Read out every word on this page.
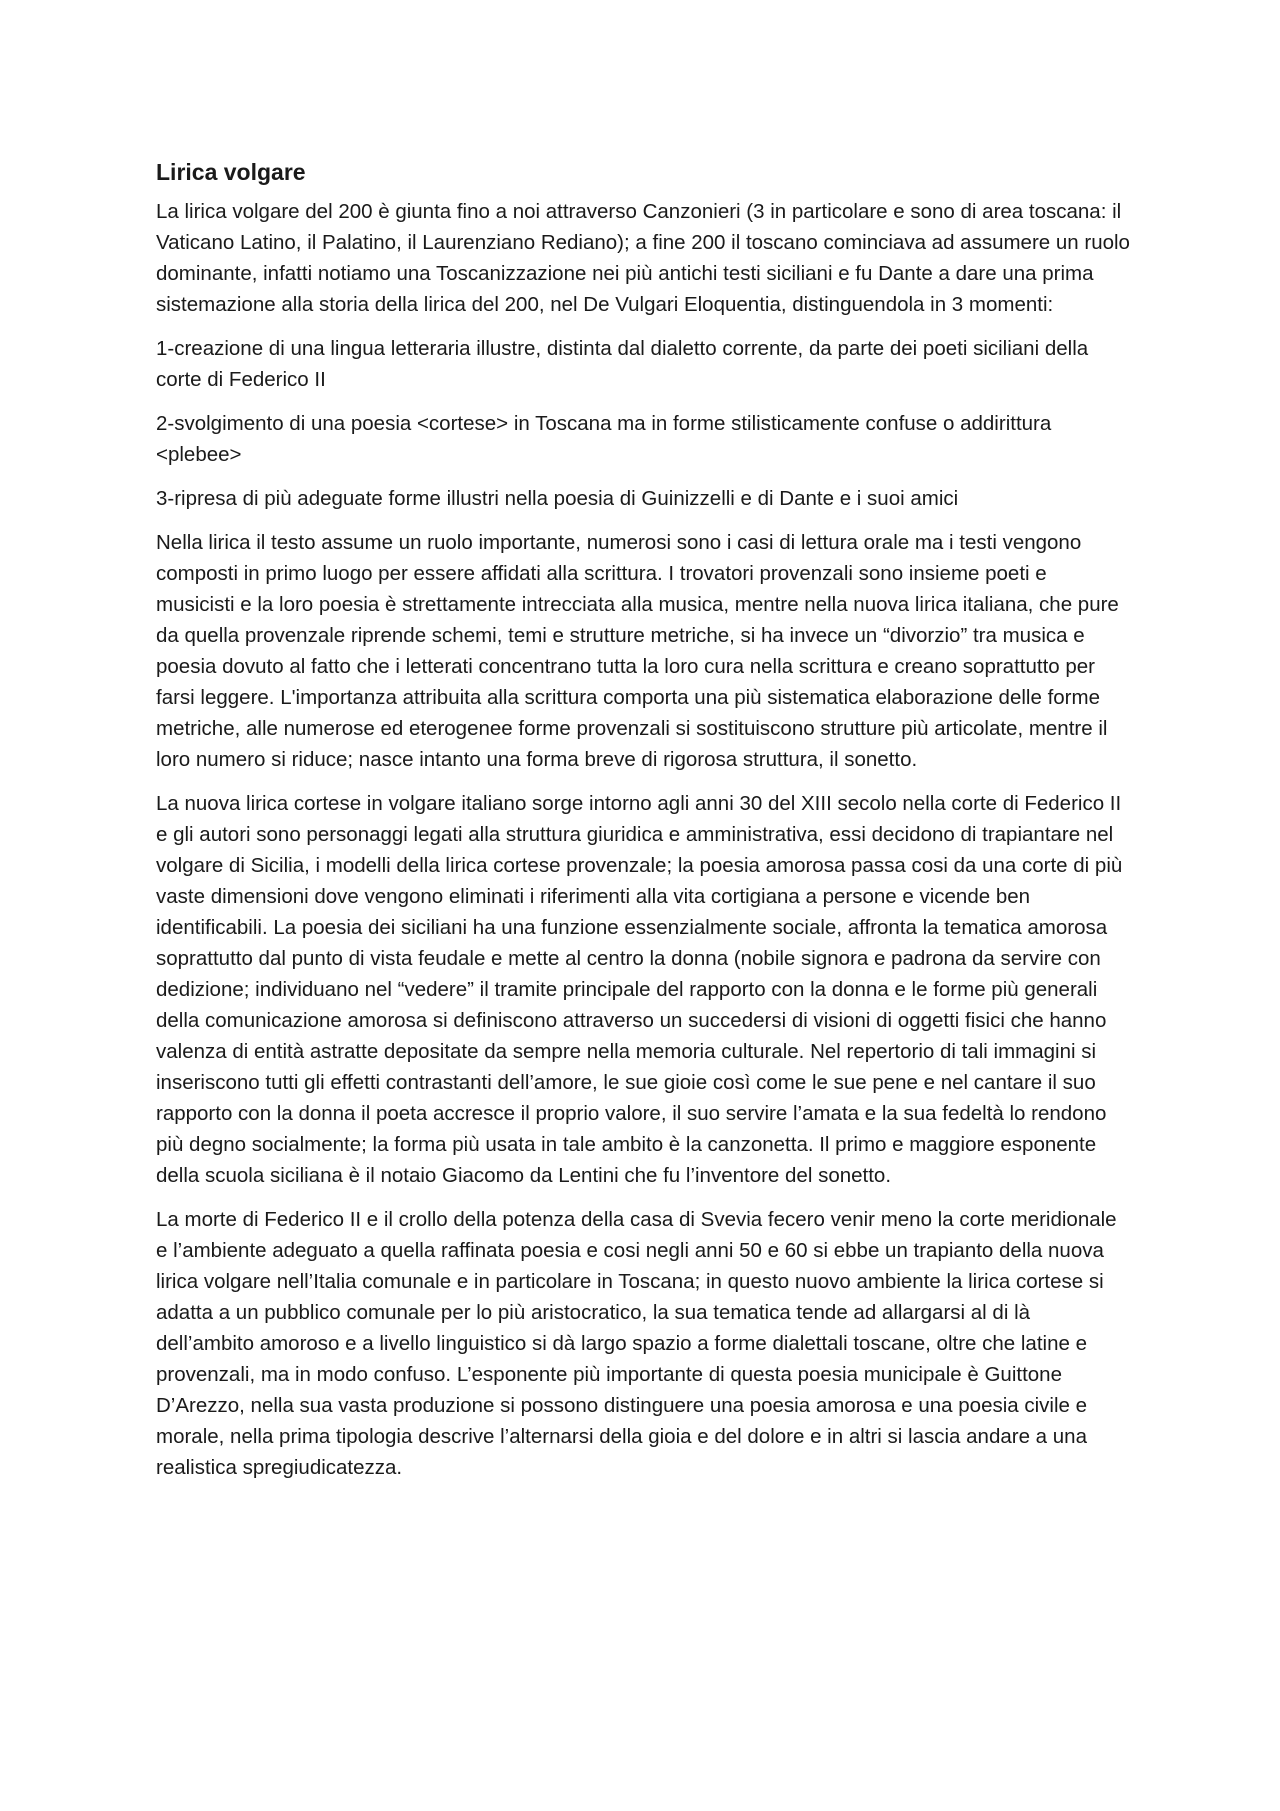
Lirica volgare

La lirica volgare del 200 è giunta fino a noi attraverso Canzonieri (3 in particolare e sono di area toscana: il Vaticano Latino, il Palatino, il Laurenziano Rediano); a fine 200 il toscano cominciava ad assumere un ruolo dominante, infatti notiamo una Toscanizzazione nei più antichi testi siciliani e fu Dante a dare una prima sistemazione alla storia della lirica del 200, nel De Vulgari Eloquentia, distinguendola in 3 momenti:

1-creazione di una lingua letteraria illustre, distinta dal dialetto corrente, da parte dei poeti siciliani della corte di Federico II

2-svolgimento di una poesia <cortese> in Toscana ma in forme stilisticamente confuse o addirittura <plebee>

3-ripresa di più adeguate forme illustri nella poesia di Guinizzelli e di Dante e i suoi amici

Nella lirica il testo assume un ruolo importante, numerosi sono i casi di lettura orale ma i testi vengono composti in primo luogo per essere affidati alla scrittura. I trovatori provenzali sono insieme poeti e musicisti e la loro poesia è strettamente intrecciata alla musica, mentre nella nuova lirica italiana, che pure da quella provenzale riprende schemi, temi e strutture metriche, si ha invece un “divorzio” tra musica e poesia dovuto al fatto che i letterati concentrano tutta la loro cura nella scrittura e creano soprattutto per farsi leggere. L'importanza attribuita alla scrittura comporta una più sistematica elaborazione delle forme metriche, alle numerose ed eterogenee forme provenzali si sostituiscono strutture più articolate, mentre il loro numero si riduce; nasce intanto una forma breve di rigorosa struttura, il sonetto.

La nuova lirica cortese in volgare italiano sorge intorno agli anni 30 del XIII secolo nella corte di Federico II e gli autori sono personaggi legati alla struttura giuridica e amministrativa, essi decidono di trapiantare nel volgare di Sicilia, i modelli della lirica cortese provenzale; la poesia amorosa passa cosi da una corte di più vaste dimensioni dove vengono eliminati i riferimenti alla vita cortigiana a persone e vicende ben identificabili. La poesia dei siciliani ha una funzione essenzialmente sociale, affronta la tematica amorosa soprattutto dal punto di vista feudale e mette al centro la donna (nobile signora e padrona da servire con dedizione; individuano nel “vedere” il tramite principale del rapporto con la donna e le forme più generali della comunicazione amorosa si definiscono attraverso un succedersi di visioni di oggetti fisici che hanno valenza di entità astratte depositate da sempre nella memoria culturale. Nel repertorio di tali immagini si inseriscono tutti gli effetti contrastanti dell’amore, le sue gioie così come le sue pene e nel cantare il suo rapporto con la donna il poeta accresce il proprio valore, il suo servire l’amata e la sua fedeltà lo rendono più degno socialmente; la forma più usata in tale ambito è la canzonetta. Il primo e maggiore esponente della scuola siciliana è il notaio Giacomo da Lentini che fu l’inventore del sonetto.

La morte di Federico II e il crollo della potenza della casa di Svevia fecero venir meno la corte meridionale e l’ambiente adeguato a quella raffinata poesia e cosi negli anni 50 e 60 si ebbe un trapianto della nuova lirica volgare nell’Italia comunale e in particolare in Toscana; in questo nuovo ambiente la lirica cortese si adatta a un pubblico comunale per lo più aristocratico, la sua tematica tende ad allargarsi al di là dell’ambito amoroso e a livello linguistico si dà largo spazio a forme dialettali toscane, oltre che latine e provenzali, ma in modo confuso. L’esponente più importante di questa poesia municipale è Guittone D’Arezzo, nella sua vasta produzione si possono distinguere una poesia amorosa e una poesia civile e morale, nella prima tipologia descrive l’alternarsi della gioia e del dolore e in altri si lascia andare a una realistica spregiudicatezza.
